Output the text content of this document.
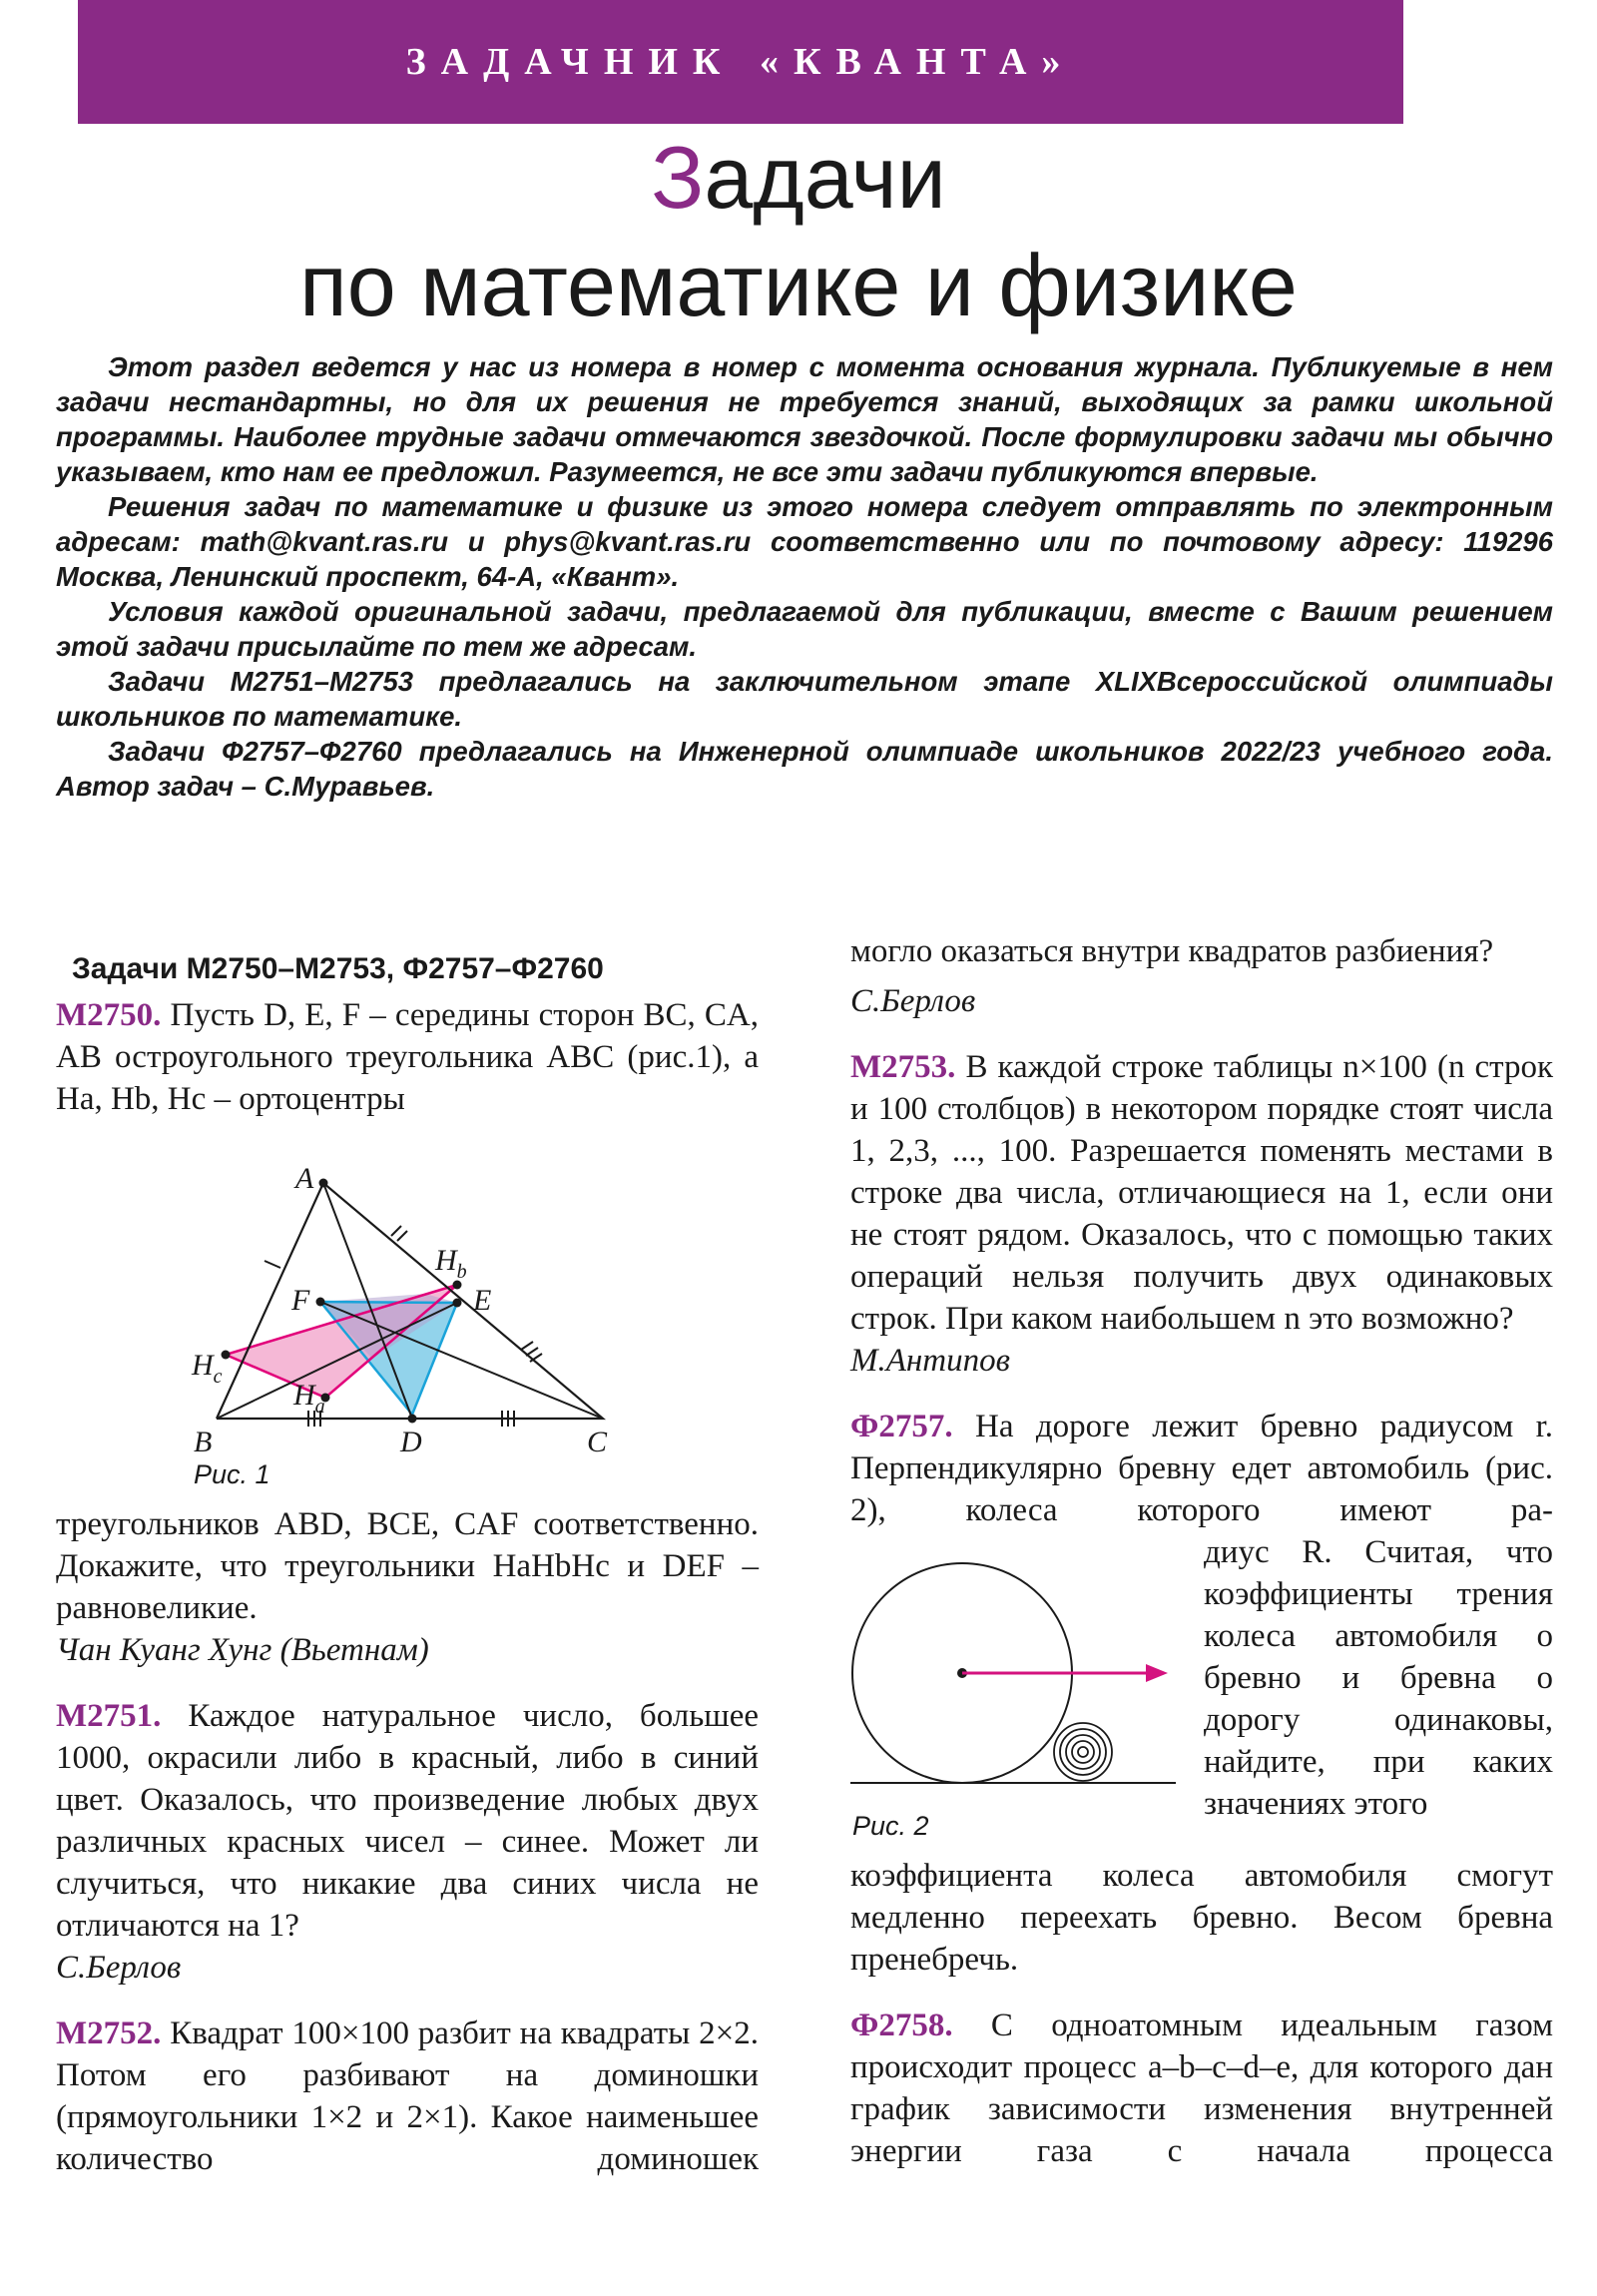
ЗАДАЧНИК «КВАНТА»
Задачи
по математике и физике

Этот раздел ведется у нас из номера в номер с момента основания журнала. Публикуемые в нем задачи нестандартны, но для их решения не требуется знаний, выходящих за рамки школьной программы. Наиболее трудные задачи отмечаются звездочкой. После формулировки задачи мы обычно указываем, кто нам ее предложил. Разумеется, не все эти задачи публикуются впервые.

Решения задач по математике и физике из этого номера следует отправлять по электронным адресам: math@kvant.ras.ru и phys@kvant.ras.ru соответственно или по почтовому адресу: 119296 Москва, Ленинский проспект, 64-А, «Квант».

Условия каждой оригинальной задачи, предлагаемой для публикации, вместе с Вашим решением этой задачи присылайте по тем же адресам.

Задачи М2751–М2753 предлагались на заключительном этапе XLIXВсероссийской олимпиады школьников по математике.

Задачи Ф2757–Ф2760 предлагались на Инженерной олимпиаде школьников 2022/23 учебного года. Автор задач – С.Муравьев.

Задачи М2750–М2753, Ф2757–Ф2760

М2750. Пусть D, E, F – середины сторон BC, CA, AB остроугольного треугольника ABC (рис.1), а Ha, Hb, Hc – ортоцентры

A
F	E
B	D	C
$H_b$
$H_c$
$H_a$
Рис. 1

треугольников ABD, BCE, CAF соответственно. Докажите, что треугольники HaHbHc и DEF – равновеликие.

Чан Куанг Хунг (Вьетнам)

М2751. Каждое натуральное число, большее 1000, окрасили либо в красный, либо в синий цвет. Оказалось, что произведение любых двух различных красных чисел – синее. Может ли случиться, что никакие два синих числа не отличаются на 1?

С.Берлов

М2752. Квадрат 100×100 разбит на квадраты 2×2. Потом его разбивают на доминошки (прямоугольники 1×2 и 2×1). Какое наименьшее количество доминошек

могло оказаться внутри квадратов разбиения?

С.Берлов

М2753. В каждой строке таблицы n×100 (n строк и 100 столбцов) в некотором порядке стоят числа 1, 2,3, ..., 100. Разрешается поменять местами в строке два числа, отличающиеся на 1, если они не стоят рядом. Оказалось, что с помощью таких операций нельзя получить двух одинаковых строк. При каком наибольшем n это возможно?

М.Антипов

Ф2757. На дороге лежит бревно радиусом r. Перпендикулярно бревну едет автомобиль (рис. 2), колеса которого имеют ра-

Рис. 2

диус R. Считая, что коэффициенты трения колеса автомобиля о бревно и бревна о дорогу одинаковы, найдите, при каких значениях этого

коэффициента колеса автомобиля смогут медленно переехать бревно. Весом бревна пренебречь.

Ф2758. С одноатомным идеальным газом происходит процесс a–b–c–d–e, для которого дан график зависимости изменения внутренней энергии газа с начала процесса
